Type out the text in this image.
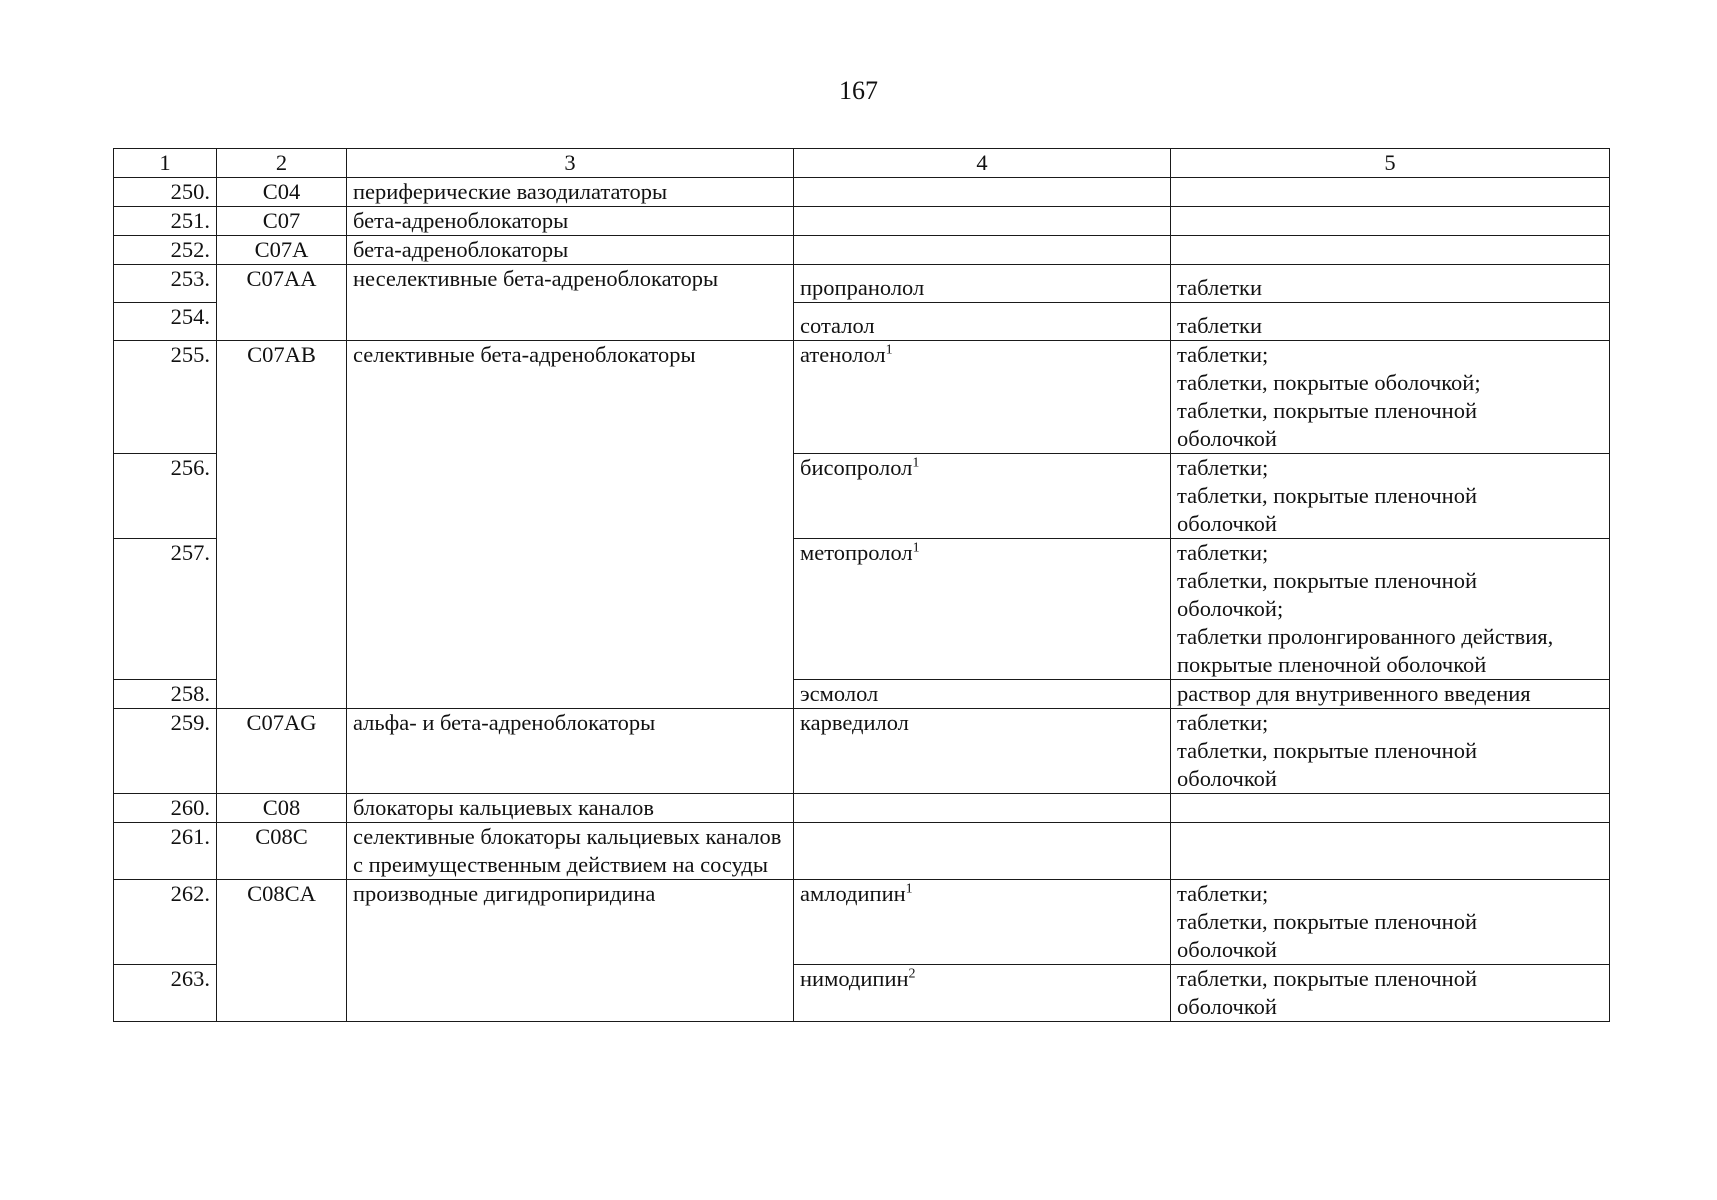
167
1	2	3	4	5
250.	C04	периферические вазодилататоры		
251.	C07	бета-адреноблокаторы		
252.	C07A	бета-адреноблокаторы		
253.	C07AA	неселективные бета-адреноблокаторы	пропранолол	таблетки

254.			соталол	таблетки

255.	C07AB	селективные бета-адреноблокаторы	атенолол$^1$	таблетки;
таблетки, покрытые оболочкой;
таблетки, покрытые пленочной
оболочкой

256.			бисопролол$^1$	таблетки;
таблетки, покрытые пленочной
оболочкой

257.			метопролол$^1$	таблетки;
таблетки, покрытые пленочной
оболочкой;
таблетки пролонгированного действия,
покрытые пленочной оболочкой

258.			эсмолол	раствор для внутривенного введения

259.	C07AG	альфа- и бета-адреноблокаторы	карведилол	таблетки;
таблетки, покрытые пленочной
оболочкой

260.	C08	блокаторы кальциевых каналов		
261.	C08C	селективные блокаторы кальциевых каналов с преимущественным действием на сосуды		
262.	C08CA	производные дигидропиридина	амлодипин$^1$	таблетки;
таблетки, покрытые пленочной
оболочкой

263.			нимодипин$^2$	таблетки, покрытые пленочной
оболочкой
